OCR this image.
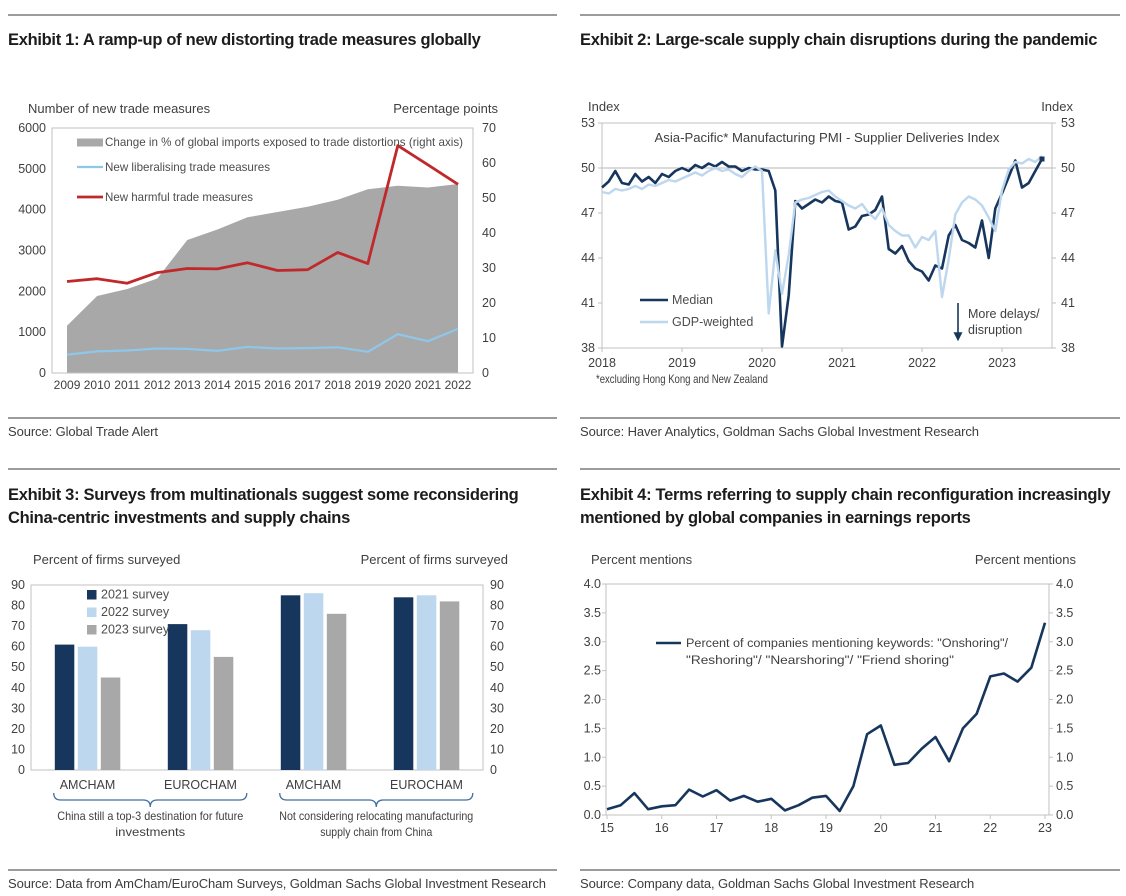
Exhibit 1: A ramp-up of new distorting trade measures globally	Exhibit 2: Large-scale supply chain disruptions during the pandemic
Number of new trade measures	Percentage points
0
1000
2000
3000
4000
5000
6000
0
10
20
30
40
50
60
70
2009 2010 2011 2012 2013 2014 2015 2016 2017 2018 2019 2020 2021 2022
Change in % of global imports exposed to trade distortions (right axis)
New liberalising trade measures
New harmful trade measures
Index	Index
38	38
41	41
44	44
47	47
50	50
53	53
Asia-Pacific* Manufacturing PMI - Supplier Deliveries Index
2018	2019	2020	2021	2022	2023
Median
GDP-weighted
More delays/
disruption
*excluding Hong Kong and New Zealand
Source: Global Trade Alert	Source: Haver Analytics, Goldman Sachs Global Investment Research
Exhibit 3: Surveys from multinationals suggest some reconsidering China-centric investments and supply chains
Exhibit 4: Terms referring to supply chain reconfiguration increasingly mentioned by global companies in earnings reports
Percent of firms surveyed	Percent of firms surveyed
0	0
10	10
20	20
30	30
40	40
50	50
60	60
70	70
80	80
90	90
2021 survey
2022 survey
2023 survey
AMCHAM	EUROCHAM	AMCHAM	EUROCHAM
China still a top-3 destination for future
investments
Not considering relocating manufacturing
supply chain from China
Percent mentions	Percent mentions
0.0	0.0
0.5	0.5
1.0	1.0
1.5	1.5
2.0	2.0
2.5	2.5
3.0	3.0
3.5	3.5
4.0	4.0
15	16	17	18	19	20	21	22	23
Percent of companies mentioning keywords: "Onshoring"/
"Reshoring"/ "Nearshoring"/ "Friend shoring"
Source: Data from AmCham/EuroCham Surveys, Goldman Sachs Global Investment Research	Source: Company data, Goldman Sachs Global Investment Research
